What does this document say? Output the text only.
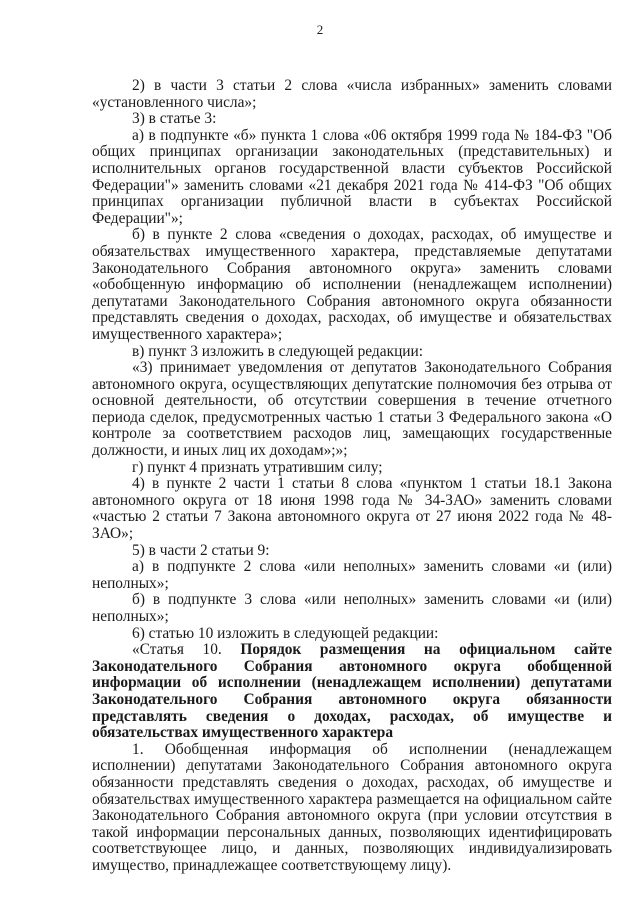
2

2) в части 3 статьи 2 слова «числа избранных» заменить словами «установленного числа»;

3) в статье 3:

а) в подпункте «б» пункта 1 слова «06 октября 1999 года № 184-ФЗ "Об общих принципах организации законодательных (представительных) и исполнительных органов государственной власти субъектов Российской Федерации"» заменить словами «21 декабря 2021 года № 414-ФЗ "Об общих принципах организации публичной власти в субъектах Российской Федерации"»;

б) в пункте 2 слова «сведения о доходах, расходах, об имуществе и обязательствах имущественного характера, представляемые депутатами Законодательного Собрания автономного округа» заменить словами «обобщенную информацию об исполнении (ненадлежащем исполнении) депутатами Законодательного Собрания автономного округа обязанности представлять сведения о доходах, расходах, об имуществе и обязательствах имущественного характера»;

в) пункт 3 изложить в следующей редакции:

«3) принимает уведомления от депутатов Законодательного Собрания автономного округа, осуществляющих депутатские полномочия без отрыва от основной деятельности, об отсутствии совершения в течение отчетного периода сделок, предусмотренных частью 1 статьи 3 Федерального закона «О контроле за соответствием расходов лиц, замещающих государственные должности, и иных лиц их доходам»;»;

г) пункт 4 признать утратившим силу;

4) в пункте 2 части 1 статьи 8 слова «пунктом 1 статьи 18.1 Закона автономного округа от 18 июня 1998 года № 34-ЗАО» заменить словами «частью 2 статьи 7 Закона автономного округа от 27 июня 2022 года № 48-ЗАО»;

5) в части 2 статьи 9:

а) в подпункте 2 слова «или неполных» заменить словами «и (или) неполных»;

б) в подпункте 3 слова «или неполных» заменить словами «и (или) неполных»;

6) статью 10 изложить в следующей редакции:

«Статья 10. Порядок размещения на официальном сайте Законодательного Собрания автономного округа обобщенной информации об исполнении (ненадлежащем исполнении) депутатами Законодательного Собрания автономного округа обязанности представлять сведения о доходах, расходах, об имуществе и обязательствах имущественного характера

1. Обобщенная информация об исполнении (ненадлежащем исполнении) депутатами Законодательного Собрания автономного округа обязанности представлять сведения о доходах, расходах, об имуществе и обязательствах имущественного характера размещается на официальном сайте Законодательного Собрания автономного округа (при условии отсутствия в такой информации персональных данных, позволяющих идентифицировать соответствующее лицо, и данных, позволяющих индивидуализировать имущество, принадлежащее соответствующему лицу).
